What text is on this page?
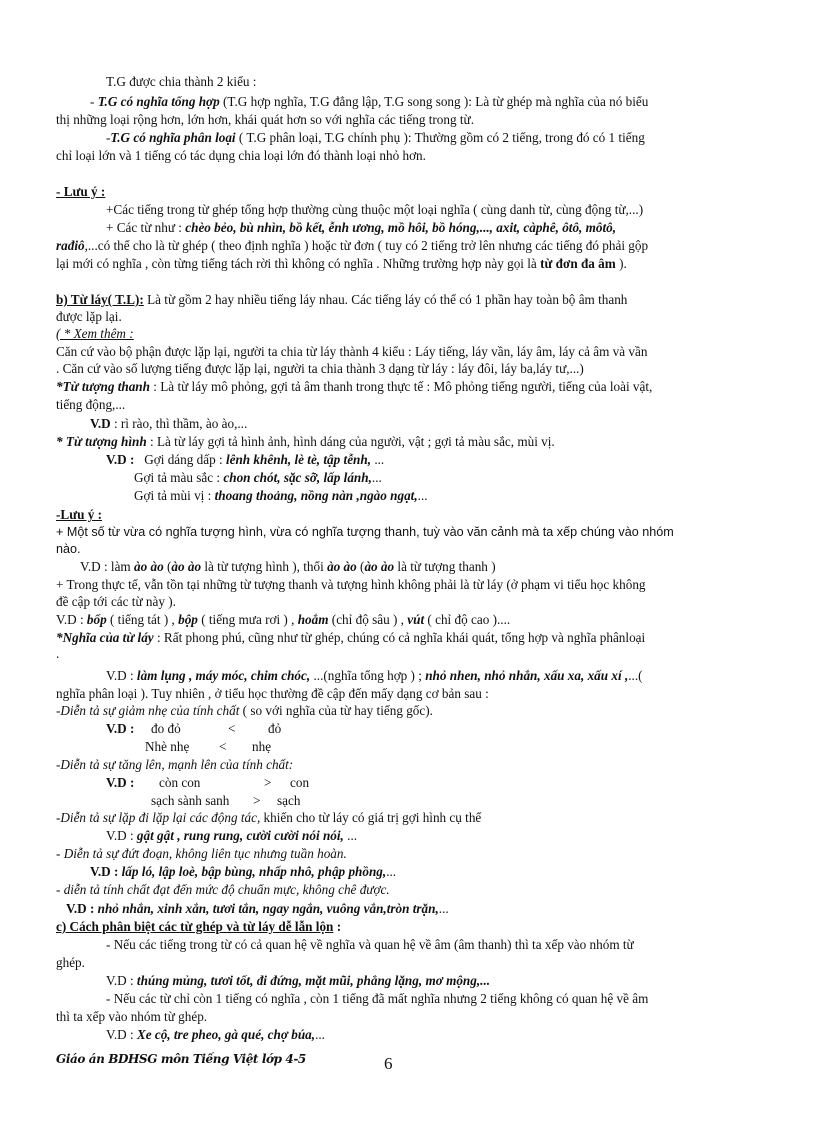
T.G được chia thành 2 kiểu :
- T.G có nghĩa tổng hợp (T.G hợp nghĩa, T.G đẳng lập, T.G song song ): Là từ ghép mà nghĩa của nó biểu
thị những loại rộng hơn, lớn hơn, khái quát hơn so với nghĩa các tiếng trong từ.
-T.G có nghĩa phân loại ( T.G phân loại, T.G chính phụ ): Thường gồm có 2 tiếng, trong đó có 1 tiếng
chỉ loại lớn và 1 tiếng có tác dụng chia loại lớn đó thành loại nhỏ hơn.
- Lưu ý :
+Các tiếng trong từ ghép tổng hợp thường cùng thuộc một loại nghĩa ( cùng danh từ, cùng động từ,...)
+ Các từ như : chèo bẻo, bù nhìn, bồ kết, ễnh ương, mồ hôi, bồ hóng,..., axit, càphê, ôtô, môtô,
rađiô,...có thể cho là từ ghép ( theo định nghĩa ) hoặc từ đơn ( tuy có 2 tiếng trở lên nhưng các tiếng đó phải gộp
lại mới có nghĩa , còn từng tiếng tách rời thì không có nghĩa . Những trường hợp này gọi là từ đơn đa âm ).
b) Từ láy( T.L): Là từ gồm 2 hay nhiều tiếng láy nhau. Các tiếng láy có thể có 1 phần hay toàn bộ âm thanh
được lặp lại.
( * Xem thêm :
Căn cứ vào bộ phận được lặp lại, người ta chia từ láy thành 4 kiểu : Láy tiếng, láy vần, láy âm, láy cả âm và vần
. Căn cứ vào số lượng tiếng được lặp lại, người ta chia thành 3 dạng từ láy : láy đôi, láy ba,láy tư,...)
*Từ tượng thanh : Là từ láy mô phỏng, gợi tả âm thanh trong thực tế : Mô phỏng tiếng người, tiếng của loài vật,
tiếng động,...
V.D : rì rào, thì thầm, ào ào,...
* Từ tượng hình : Là từ láy gợi tả hình ảnh, hình dáng của người, vật ; gợi tả màu sắc, mùi vị.
V.D : Gợi dáng dấp : lênh khênh, lè tè, tập tễnh, ...
Gợi tả màu sắc : chon chót, sặc sỡ, lấp lánh,...
Gợi tả mùi vị : thoang thoảng, nồng nàn ,ngào ngạt,...
-Lưu ý :
+ Một số từ vừa có nghĩa tượng hình, vừa có nghĩa tượng thanh, tuỳ vào văn cảnh mà ta xếp chúng vào nhóm
nào.
V.D : làm ào ào (ào ào là từ tượng hình ), thổi ào ào (ào ào là từ tượng thanh )
+ Trong thực tế, vẫn tồn tại những từ tượng thanh và tượng hình không phải là từ láy (ở phạm vi tiểu học không
đề cập tới các từ này ).
V.D : bốp ( tiếng tát ) , bộp ( tiếng mưa rơi ) , hoắm (chỉ độ sâu ) , vút ( chỉ độ cao )....
*Nghĩa của từ láy : Rất phong phú, cũng như từ ghép, chúng có cả nghĩa khái quát, tổng hợp và nghĩa phânloại
.
V.D : làm lụng , máy móc, chim chóc, ...(nghĩa tổng hợp ) ; nhỏ nhen, nhỏ nhắn, xấu xa, xấu xí ,...(
nghĩa phân loại ). Tuy nhiên , ở tiểu học thường đề cập đến mấy dạng cơ bản sau :
-Diễn tả sự giảm nhẹ của tính chất ( so với nghĩa của từ hay tiếng gốc).
V.D : đo đỏ	< đỏ
Nhè nhẹ < nhẹ
-Diễn tả sự tăng lên, mạnh lên của tính chất:
V.D : còn con	> con
sạch sành sanh > sạch
-Diễn tả sự lặp đi lặp lại các động tác, khiến cho từ láy có giá trị gợi hình cụ thể
V.D : gật gật , rung rung, cười cười nói nói, ...
- Diễn tả sự đứt đoạn, không liên tục nhưng tuần hoàn.
V.D : lấp ló, lập loè, bập bùng, nhấp nhô, phập phồng,...
- diễn tả tính chất đạt đến mức độ chuẩn mực, không chê được.
V.D : nhỏ nhắn, xinh xắn, tươi tắn, ngay ngắn, vuông vắn,tròn trặn,...
c) Cách phân biệt các từ ghép và từ láy dễ lẫn lộn :
- Nếu các tiếng trong từ có cả quan hệ về nghĩa và quan hệ về âm (âm thanh) thì ta xếp vào nhóm từ
ghép.
V.D : thúng mủng, tươi tốt, đi đứng, mặt mũi, phẳng lặng, mơ mộng,...
- Nếu các từ chỉ còn 1 tiếng có nghĩa , còn 1 tiếng đã mất nghĩa nhưng 2 tiếng không có quan hệ về âm
thì ta xếp vào nhóm từ ghép.
V.D : Xe cộ, tre pheo, gà qué, chợ búa,...
Giáo án BDHSG môn Tiếng Việt lớp 4-5	6
